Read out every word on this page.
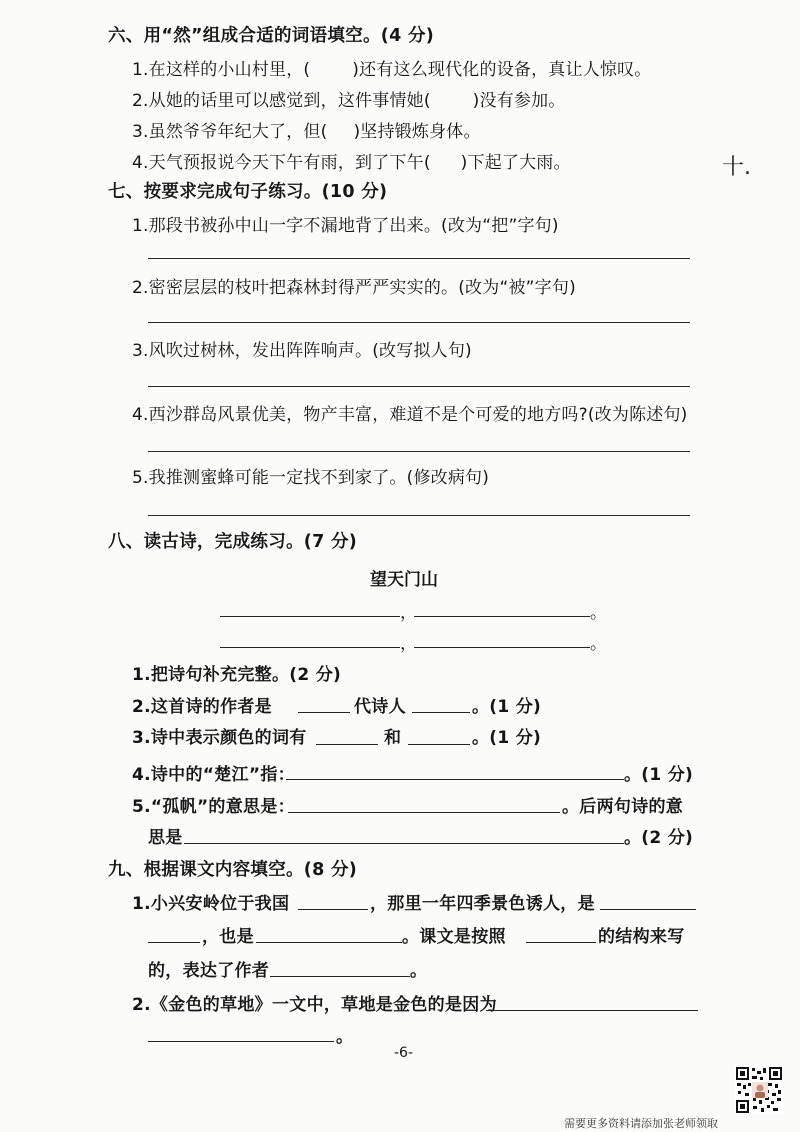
六、用“然”组成合适的词语填空。(4 分)
1.在这样的小山村里，( )还有这么现代化的设备，真让人惊叹。
2.从她的话里可以感觉到，这件事情她( )没有参加。
3.虽然爷爷年纪大了，但( )坚持锻炼身体。
4.天气预报说今天下午有雨，到了下午( )下起了大雨。	十.
七、按要求完成句子练习。(10 分)
1.那段书被孙中山一字不漏地背了出来。(改为“把”字句)
2.密密层层的枝叶把森林封得严严实实的。(改为“被”字句)
3.风吹过树林，发出阵阵响声。(改写拟人句)
4.西沙群岛风景优美，物产丰富，难道不是个可爱的地方吗?(改为陈述句)
5.我推测蜜蜂可能一定找不到家了。(修改病句)
八、读古诗，完成练习。(7 分)
望天门山
，	。
，	。
1.把诗句补充完整。(2 分)
2.这首诗的作者是	代诗人	。(1 分)
3.诗中表示颜色的词有	和	。(1 分)
4.诗中的“楚江”指：	。(1 分)
5.“孤帆”的意思是：	。后两句诗的意
思是	。(2 分)
九、根据课文内容填空。(8 分)
1.小兴安岭位于我国	，那里一年四季景色诱人，是
，也是	。课文是按照	的结构来写
的，表达了作者	。
2.《金色的草地》一文中，草地是金色的是因为
。
-6-
需要更多资料请添加张老师领取
